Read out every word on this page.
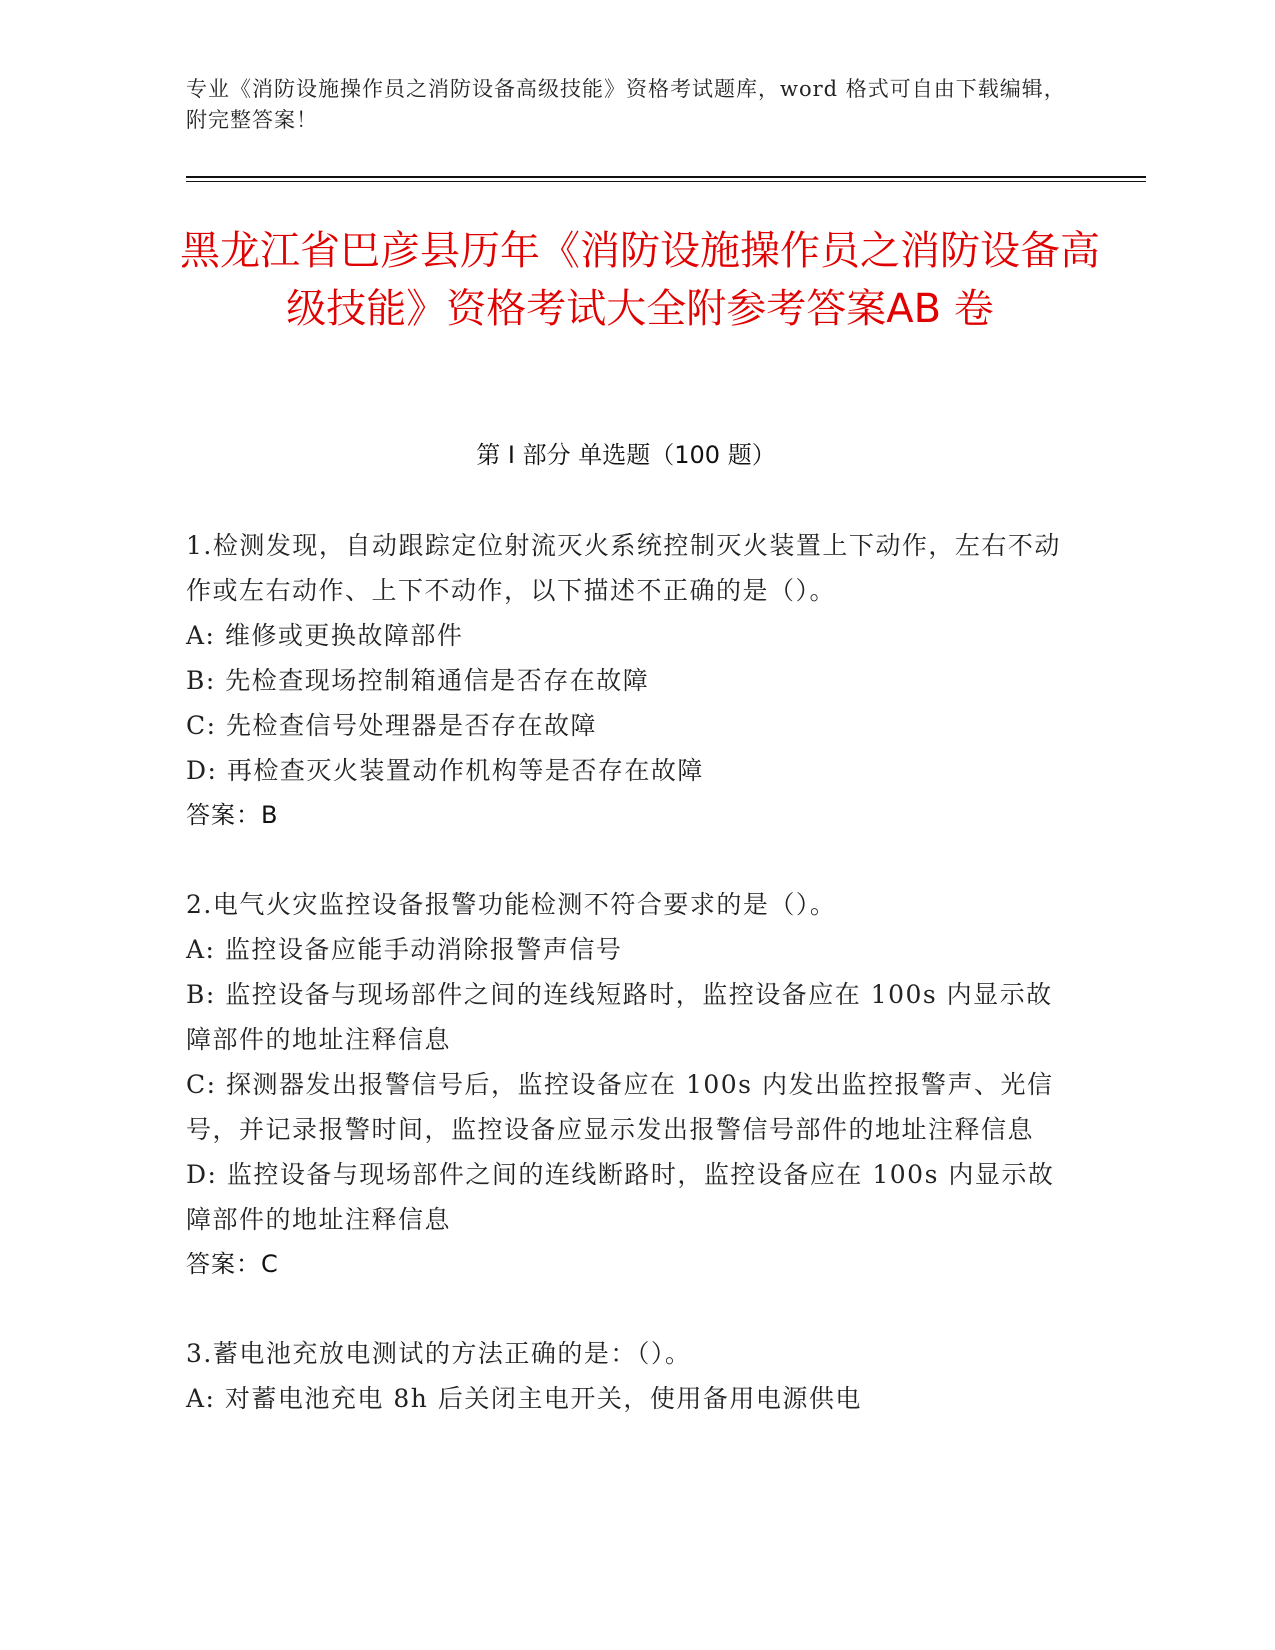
专业《消防设施操作员之消防设备高级技能》资格考试题库，word 格式可自由下载编辑，附完整答案！
黑龙江省巴彦县历年《消防设施操作员之消防设备高级技能》资格考试大全附参考答案AB 卷
第 I 部分 单选题（100 题）

1.检测发现，自动跟踪定位射流灭火系统控制灭火装置上下动作，左右不动作或左右动作、上下不动作，以下描述不正确的是（）。

A: 维修或更换故障部件

B: 先检查现场控制箱通信是否存在故障

C: 先检查信号处理器是否存在故障

D: 再检查灭火装置动作机构等是否存在故障

答案：B

2.电气火灾监控设备报警功能检测不符合要求的是（）。

A: 监控设备应能手动消除报警声信号

B: 监控设备与现场部件之间的连线短路时，监控设备应在 100s 内显示故障部件的地址注释信息

C: 探测器发出报警信号后，监控设备应在 100s 内发出监控报警声、光信号，并记录报警时间，监控设备应显示发出报警信号部件的地址注释信息

D: 监控设备与现场部件之间的连线断路时，监控设备应在 100s 内显示故障部件的地址注释信息

答案：C

3.蓄电池充放电测试的方法正确的是：（）。

A: 对蓄电池充电 8h 后关闭主电开关，使用备用电源供电
